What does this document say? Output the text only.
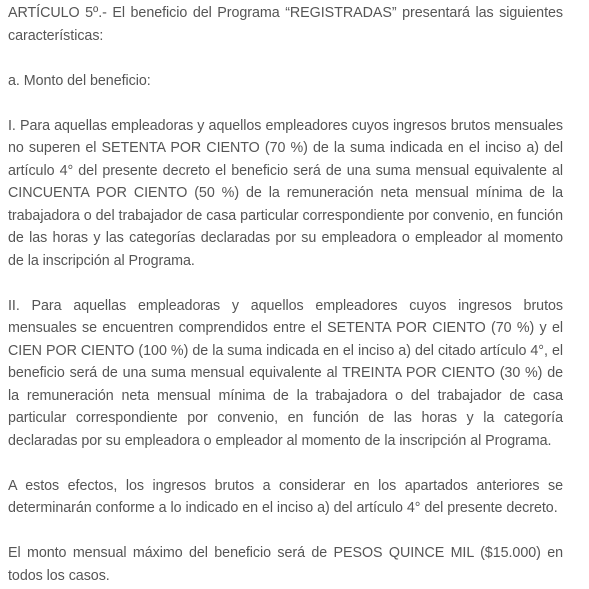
ARTÍCULO 5º.- El beneficio del Programa “REGISTRADAS” presentará las siguientes características:

a. Monto del beneficio:

I. Para aquellas empleadoras y aquellos empleadores cuyos ingresos brutos mensuales no superen el SETENTA POR CIENTO (70 %) de la suma indicada en el inciso a) del artículo 4° del presente decreto el beneficio será de una suma mensual equivalente al CINCUENTA POR CIENTO (50 %) de la remuneración neta mensual mínima de la trabajadora o del trabajador de casa particular correspondiente por convenio, en función de las horas y las categorías declaradas por su empleadora o empleador al momento de la inscripción al Programa.

II. Para aquellas empleadoras y aquellos empleadores cuyos ingresos brutos mensuales se encuentren comprendidos entre el SETENTA POR CIENTO (70 %) y el CIEN POR CIENTO (100 %) de la suma indicada en el inciso a) del citado artículo 4°, el beneficio será de una suma mensual equivalente al TREINTA POR CIENTO (30 %) de la remuneración neta mensual mínima de la trabajadora o del trabajador de casa particular correspondiente por convenio, en función de las horas y la categoría declaradas por su empleadora o empleador al momento de la inscripción al Programa.

A estos efectos, los ingresos brutos a considerar en los apartados anteriores se determinarán conforme a lo indicado en el inciso a) del artículo 4° del presente decreto.

El monto mensual máximo del beneficio será de PESOS QUINCE MIL ($15.000) en todos los casos.
